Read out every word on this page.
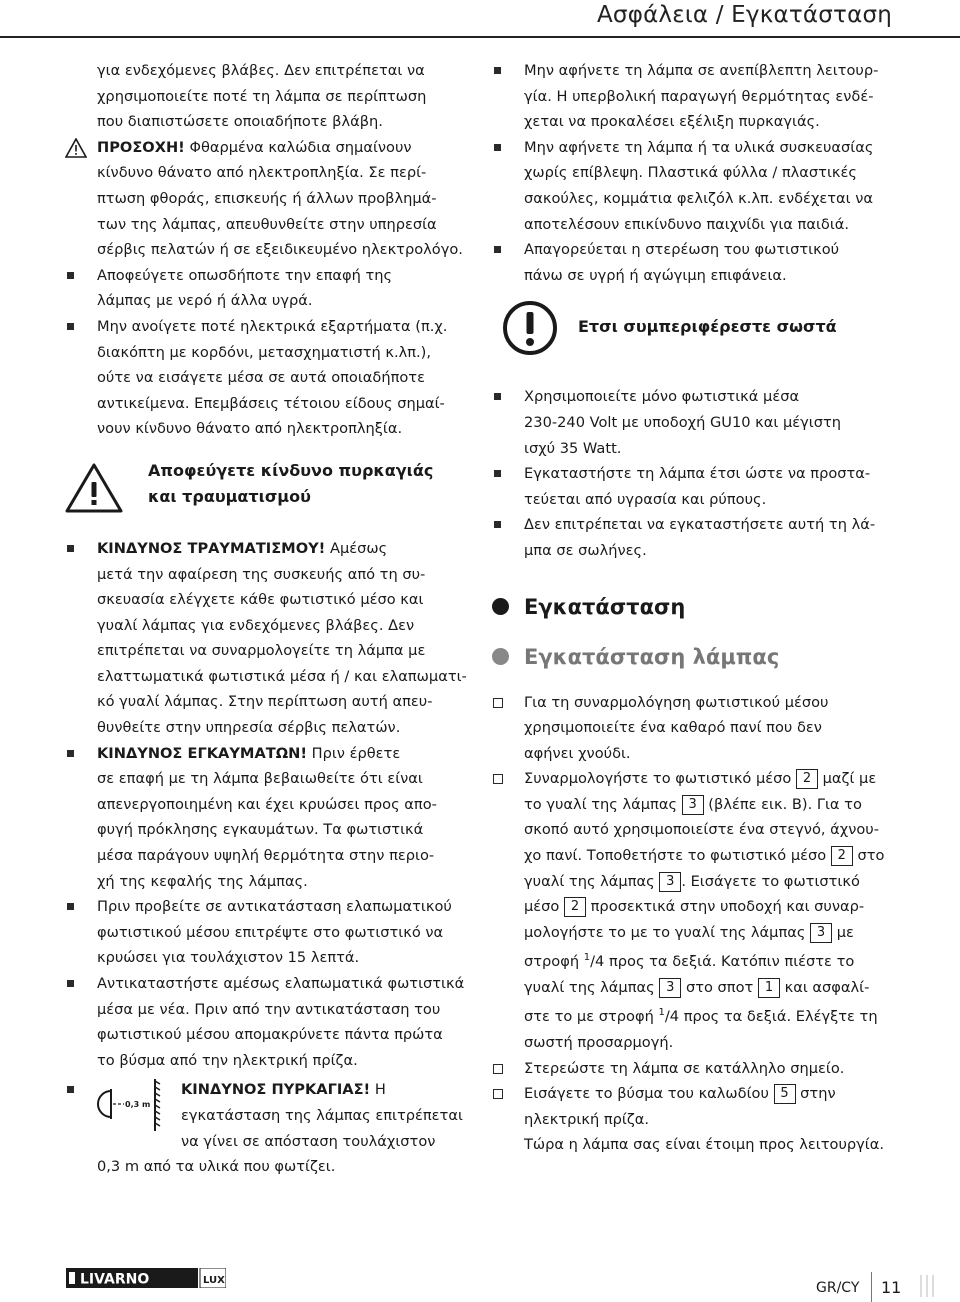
Ασφάλεια / Εγκατάσταση

για ενδεχόμενες βλάβες. Δεν επιτρέπεται να

χρησιμοποιείτε ποτέ τη λάμπα σε περίπτωση

που διαπιστώσετε οποιαδήποτε βλάβη.

ΠΡΟΣΟΧΗ! Φθαρμένα καλώδια σημαίνουν

κίνδυνο θάνατο από ηλεκτροπληξία. Σε περί-

πτωση φθοράς, επισκευής ή άλλων προβλημά-

των της λάμπας, απευθυνθείτε στην υπηρεσία

σέρβις πελατών ή σε εξειδικευμένο ηλεκτρολόγο.

Αποφεύγετε οπωσδήποτε την επαφή της

λάμπας με νερό ή άλλα υγρά.

Μην ανοίγετε ποτέ ηλεκτρικά εξαρτήματα (π.χ.

διακόπτη με κορδόνι, μετασχηματιστή κ.λπ.),

ούτε να εισάγετε μέσα σε αυτά οποιαδήποτε

αντικείμενα. Επεμβάσεις τέτοιου είδους σημαί-

νουν κίνδυνο θάνατο από ηλεκτροπληξία.

Αποφεύγετε κίνδυνο πυρκαγιάς
και τραυματισμού

ΚΙΝΔΥΝΟΣ ΤΡΑΥΜΑΤΙΣΜΟΥ! Αμέσως

μετά την αφαίρεση της συσκευής από τη συ-

σκευασία ελέγχετε κάθε φωτιστικό μέσο και

γυαλί λάμπας για ενδεχόμενες βλάβες. Δεν

επιτρέπεται να συναρμολογείτε τη λάμπα με

ελαττωματικά φωτιστικά μέσα ή / και ελαπωματι-

κό γυαλί λάμπας. Στην περίπτωση αυτή απευ-

θυνθείτε στην υπηρεσία σέρβις πελατών.

ΚΙΝΔΥΝΟΣ ΕΓΚΑΥΜΑΤΩΝ! Πριν έρθετε

σε επαφή με τη λάμπα βεβαιωθείτε ότι είναι

απενεργοποιημένη και έχει κρυώσει προς απο-

φυγή πρόκλησης εγκαυμάτων. Τα φωτιστικά

μέσα παράγουν υψηλή θερμότητα στην περιο-

χή της κεφαλής της λάμπας.

Πριν προβείτε σε αντικατάσταση ελαπωματικού

φωτιστικού μέσου επιτρέψτε στο φωτιστικό να

κρυώσει για τουλάχιστον 15 λεπτά.

Αντικαταστήστε αμέσως ελαπωματικά φωτιστικά

μέσα με νέα. Πριν από την αντικατάσταση του

φωτιστικού μέσου απομακρύνετε πάντα πρώτα

το βύσμα από την ηλεκτρική πρίζα.

0,3 m

ΚΙΝΔΥΝΟΣ ΠΥΡΚΑΓΙΑΣ! Η

εγκατάσταση της λάμπας επιτρέπεται

να γίνει σε απόσταση τουλάχιστον

0,3 m από τα υλικά που φωτίζει.

Μην αφήνετε τη λάμπα σε ανεπίβλεπτη λειτουρ-

γία. Η υπερβολική παραγωγή θερμότητας ενδέ-

χεται να προκαλέσει εξέλιξη πυρκαγιάς.

Μην αφήνετε τη λάμπα ή τα υλικά συσκευασίας

χωρίς επίβλεψη. Πλαστικά φύλλα / πλαστικές

σακούλες, κομμάτια φελιζόλ κ.λπ. ενδέχεται να

αποτελέσουν επικίνδυνο παιχνίδι για παιδιά.

Απαγορεύεται η στερέωση του φωτιστικού

πάνω σε υγρή ή αγώγιμη επιφάνεια.

Ετσι συμπεριφέρεστε σωστά

Χρησιμοποιείτε μόνο φωτιστικά μέσα

230-240 Volt με υποδοχή GU10 και μέγιστη

ισχύ 35 Watt.

Εγκαταστήστε τη λάμπα έτσι ώστε να προστα-

τεύεται από υγρασία και ρύπους.

Δεν επιτρέπεται να εγκαταστήσετε αυτή τη λά-

μπα σε σωλήνες.

Εγκατάσταση
Εγκατάσταση λάμπας

Για τη συναρμολόγηση φωτιστικού μέσου

χρησιμοποιείτε ένα καθαρό πανί που δεν

αφήνει χνούδι.

Συναρμολογήστε το φωτιστικό μέσο 2 μαζί με

το γυαλί της λάμπας 3 (βλέπε εικ. B). Για το

σκοπό αυτό χρησιμοποιείστε ένα στεγνό, άχνου-

χο πανί. Τοποθετήστε το φωτιστικό μέσο 2 στο

γυαλί της λάμπας 3 . Εισάγετε το φωτιστικό

μέσο 2 προσεκτικά στην υποδοχή και συναρ-

μολογήστε το με το γυαλί της λάμπας 3 με

στροφή $^1$/4 προς τα δεξιά. Κατόπιν πιέστε το

γυαλί της λάμπας 3 στο σποτ 1 και ασφαλί-

στε το με στροφή $^1$/4 προς τα δεξιά. Ελέγξτε τη

σωστή προσαρμογή.

Στερεώστε τη λάμπα σε κατάλληλο σημείο.

Εισάγετε το βύσμα του καλωδίου 5 στην

ηλεκτρική πρίζα.

Τώρα η λάμπα σας είναι έτοιμη προς λειτουργία.

LIVARNO	LUX	GR/CY 11
